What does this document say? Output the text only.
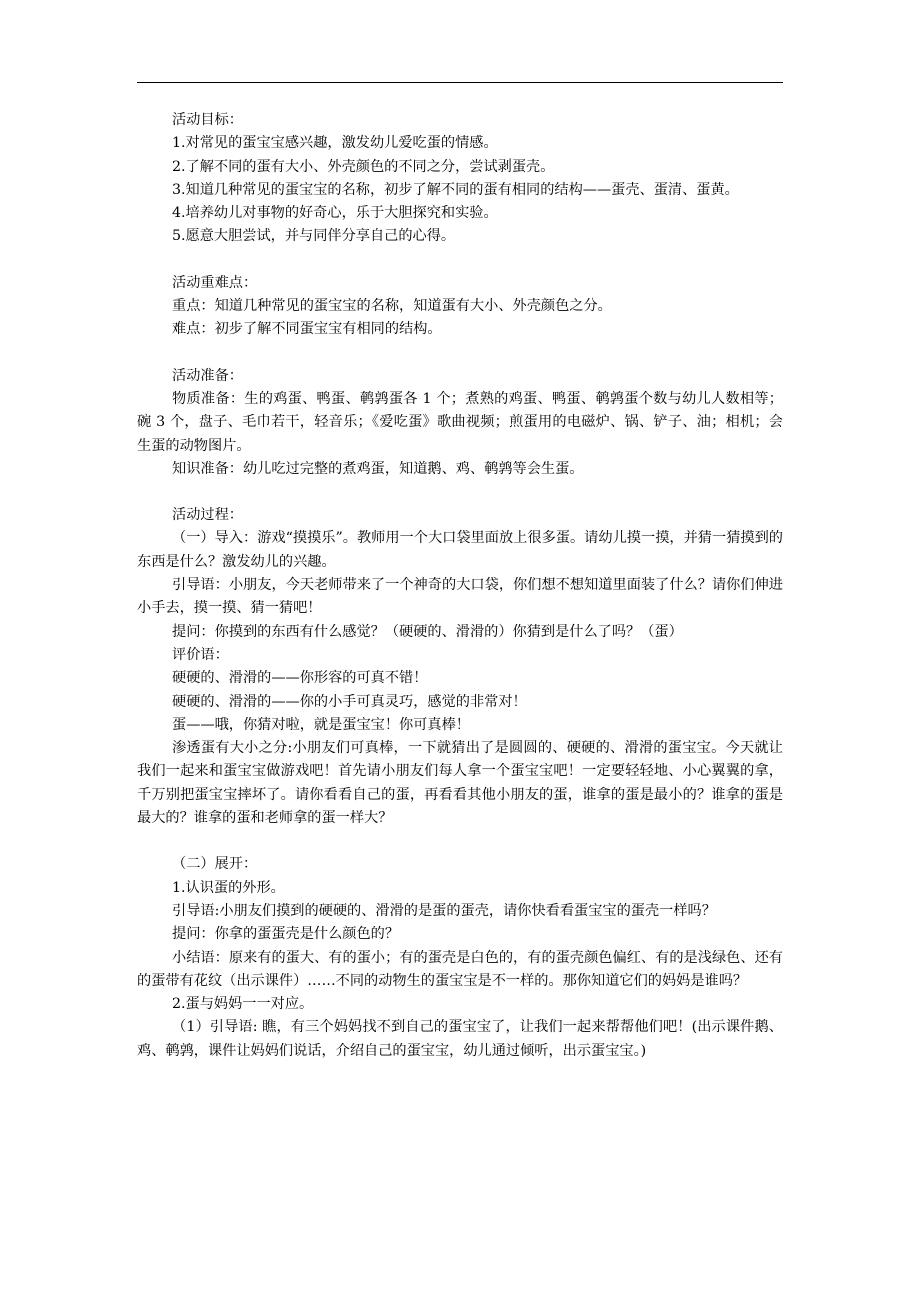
活动目标：

1.对常见的蛋宝宝感兴趣，激发幼儿爱吃蛋的情感。

2.了解不同的蛋有大小、外壳颜色的不同之分，尝试剥蛋壳。

3.知道几种常见的蛋宝宝的名称，初步了解不同的蛋有相同的结构——蛋壳、蛋清、蛋黄。

4.培养幼儿对事物的好奇心，乐于大胆探究和实验。

5.愿意大胆尝试，并与同伴分享自己的心得。

活动重难点：

重点：知道几种常见的蛋宝宝的名称，知道蛋有大小、外壳颜色之分。

难点：初步了解不同蛋宝宝有相同的结构。

活动准备：

物质准备：生的鸡蛋、鸭蛋、鹌鹑蛋各 1 个；煮熟的鸡蛋、鸭蛋、鹌鹑蛋个数与幼儿人数相等；碗 3 个，盘子、毛巾若干，轻音乐；《爱吃蛋》歌曲视频；煎蛋用的电磁炉、锅、铲子、油；相机；会生蛋的动物图片。

知识准备：幼儿吃过完整的煮鸡蛋，知道鹅、鸡、鹌鹑等会生蛋。

活动过程：

（一）导入：游戏“摸摸乐”。教师用一个大口袋里面放上很多蛋。请幼儿摸一摸，并猜一猜摸到的东西是什么？激发幼儿的兴趣。

引导语：小朋友，今天老师带来了一个神奇的大口袋，你们想不想知道里面装了什么？请你们伸进小手去，摸一摸、猜一猜吧！

提问：你摸到的东西有什么感觉？（硬硬的、滑滑的）你猜到是什么了吗？（蛋）

评价语：

硬硬的、滑滑的——你形容的可真不错！

硬硬的、滑滑的——你的小手可真灵巧，感觉的非常对！

蛋——哦，你猜对啦，就是蛋宝宝！你可真棒！

渗透蛋有大小之分:小朋友们可真棒，一下就猜出了是圆圆的、硬硬的、滑滑的蛋宝宝。今天就让我们一起来和蛋宝宝做游戏吧！首先请小朋友们每人拿一个蛋宝宝吧！一定要轻轻地、小心翼翼的拿，千万别把蛋宝宝摔坏了。请你看看自己的蛋，再看看其他小朋友的蛋，谁拿的蛋是最小的？谁拿的蛋是最大的？谁拿的蛋和老师拿的蛋一样大？

（二）展开：

1.认识蛋的外形。

引导语:小朋友们摸到的硬硬的、滑滑的是蛋的蛋壳，请你快看看蛋宝宝的蛋壳一样吗？

提问：你拿的蛋蛋壳是什么颜色的？

小结语：原来有的蛋大、有的蛋小；有的蛋壳是白色的，有的蛋壳颜色偏红、有的是浅绿色、还有的蛋带有花纹（出示课件）……不同的动物生的蛋宝宝是不一样的。那你知道它们的妈妈是谁吗？

2.蛋与妈妈一一对应。

（1）引导语: 瞧，有三个妈妈找不到自己的蛋宝宝了，让我们一起来帮帮他们吧！(出示课件鹅、鸡、鹌鹑，课件让妈妈们说话，介绍自己的蛋宝宝，幼儿通过倾听，出示蛋宝宝。)
